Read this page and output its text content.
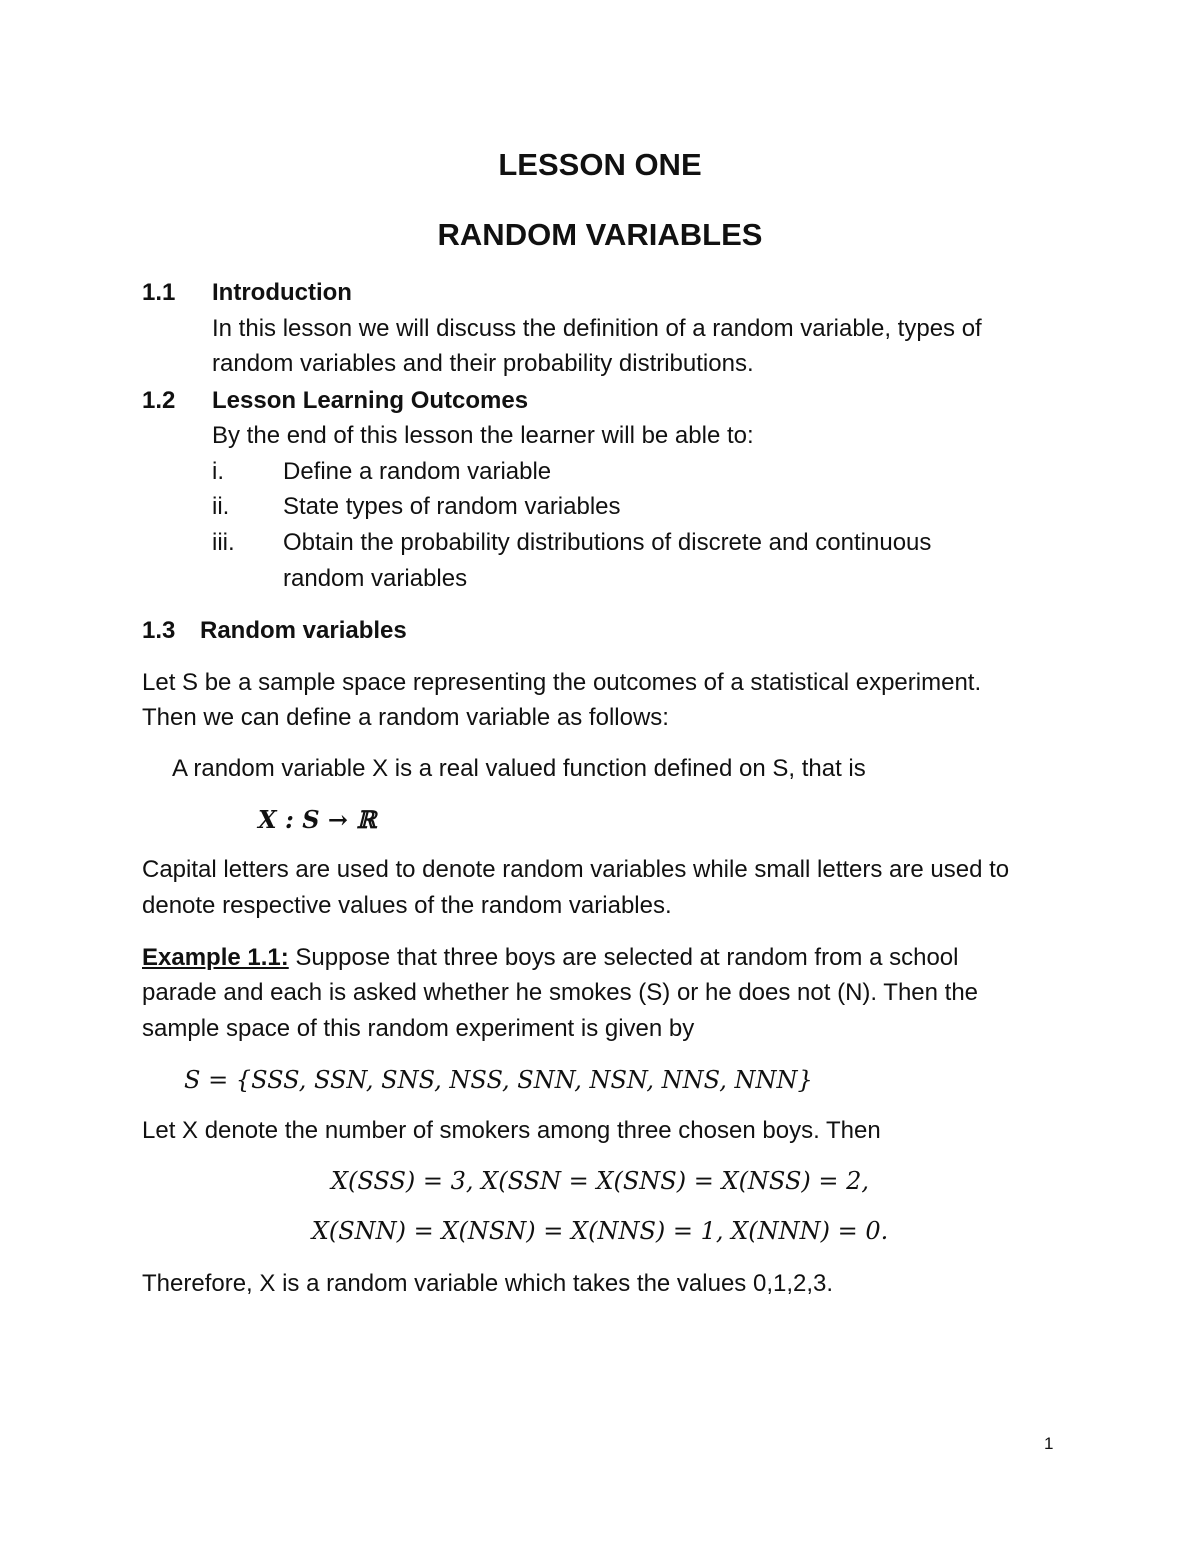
LESSON ONE
RANDOM VARIABLES
1.1 Introduction
In this lesson we will discuss the definition of a random variable, types of
random variables and their probability distributions.
1.2 Lesson Learning Outcomes
By the end of this lesson the learner will be able to:
i. Define a random variable
ii. State types of random variables
iii. Obtain the probability distributions of discrete and continuous
random variables
1.3 Random variables
Let S be a sample space representing the outcomes of a statistical experiment.
Then we can define a random variable as follows:
A random variable X is a real valued function defined on S, that is
X : S → ℝ
Capital letters are used to denote random variables while small letters are used to
denote respective values of the random variables.
Example 1.1: Suppose that three boys are selected at random from a school
parade and each is asked whether he smokes (S) or he does not (N). Then the
sample space of this random experiment is given by
S = {SSS, SSN, SNS, NSS, SNN, NSN, NNS, NNN}
Let X denote the number of smokers among three chosen boys. Then
X(SSS) = 3, X(SSN = X(SNS) = X(NSS) = 2,
X(SNN) = X(NSN) = X(NNS) = 1, X(NNN) = 0.
Therefore, X is a random variable which takes the values 0,1,2,3.
1
